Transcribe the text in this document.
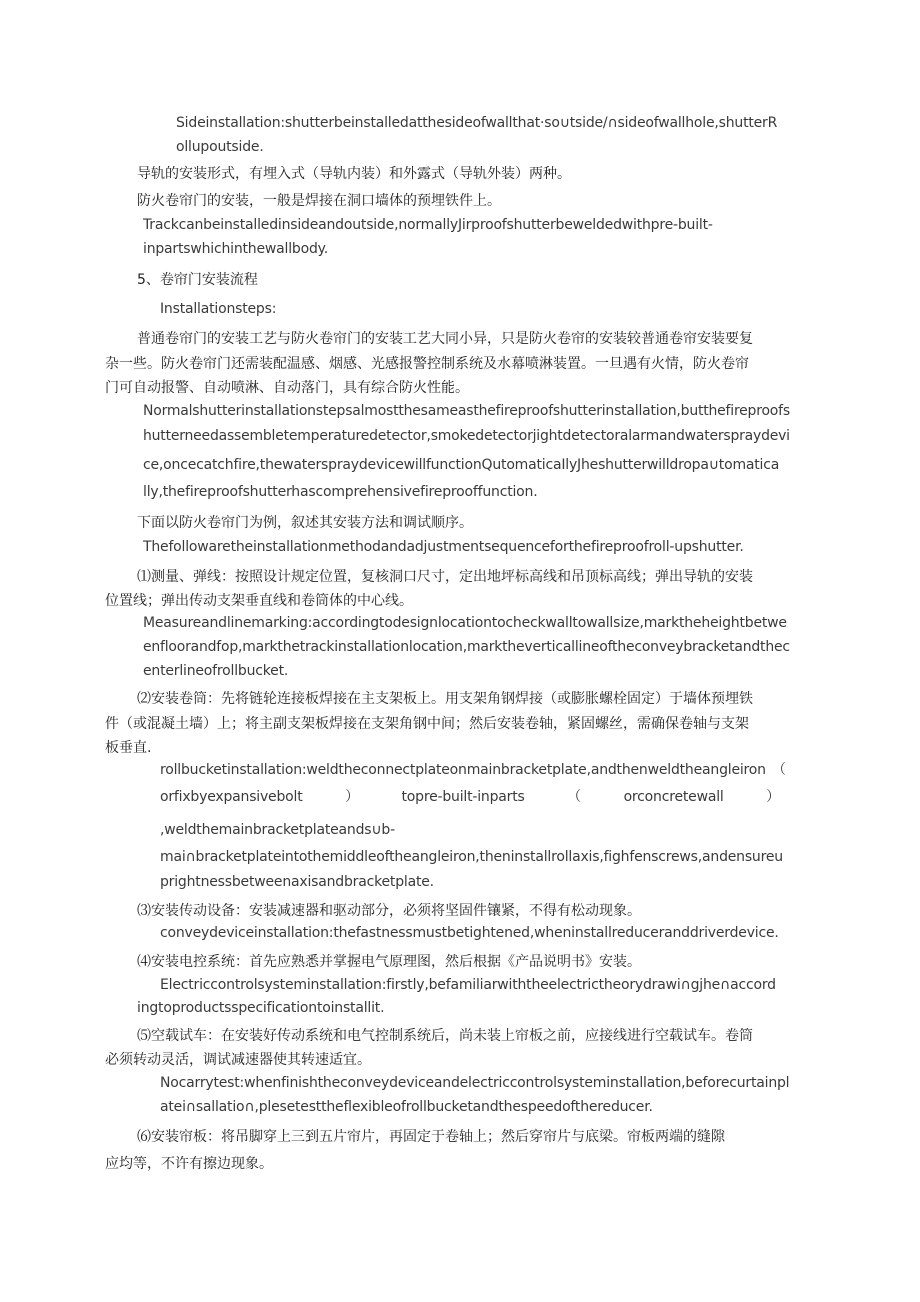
Sideinstallation:shutterbeinstalledatthesideofwallthat·so∪tside/∩sideofwallhole,shutterR
ollupoutside.
导轨的安装形式，有埋入式（导轨内装）和外露式（导轨外装）两种。
防火卷帘门的安装，一般是焊接在洞口墙体的预埋铁件上。
Trackcanbeinstalledinsideandoutside,normallyJirproofshutterbeweldedwithpre-built-
inpartswhichinthewallbody.
5、卷帘门安装流程
Installationsteps:
普通卷帘门的安装工艺与防火卷帘门的安装工艺大同小异，只是防火卷帘的安装较普通卷帘安装要复
杂一些。防火卷帘门还需装配温感、烟感、光感报警控制系统及水幕喷淋装置。一旦遇有火情，防火卷帘
门可自动报警、自动喷淋、自动落门，具有综合防火性能。
Normalshutterinstallationstepsalmostthesameasthefireproofshutterinstallation,butthefireproofs
hutterneedassembletemperaturedetector,smokedetectorjightdetectoralarmandwaterspraydevi
ce,oncecatchfire,thewaterspraydevicewillfunctionQutomaticaIlyJheshutterwilldropa∪tomatica
lly,thefireproofshutterhascomprehensivefireprooffunction.
下面以防火卷帘门为例，叙述其安装方法和调试顺序。
Thefollowaretheinstallationmethodandadjustmentsequenceforthefireproofroll-upshutter.
⑴测量、弹线：按照设计规定位置，复核洞口尺寸，定出地坪标高线和吊顶标高线；弹出导轨的安装
位置线；弹出传动支架垂直线和卷筒体的中心线。
Measureandlinemarking:accordingtodesignlocationtocheckwalltowallsize,marktheheightbetwe
enfloorandfop,markthetrackinstallationlocation,marktheverticallineoftheconveybracketandthec
enterlineofrollbucket.
⑵安装卷筒：先将链轮连接板焊接在主支架板上。用支架角钢焊接（或膨胀螺栓固定）于墙体预埋铁
件（或混凝土墙）上；将主副支架板焊接在支架角钢中间；然后安装卷轴，紧固螺丝，需确保卷轴与支架
板垂直.
rollbucketinstallation:weldtheconnectplateonmainbracketplate,andthenweldtheangleiron （
orfixbyexpansivebolt	）	topre-built-inparts	（	orconcretewall	）
,weldthemainbracketplateands∪b-
mai∩bracketplateintothemiddleoftheangleiron,theninstallrollaxis,fighfenscrews,andensureu
prightnessbetweenaxisandbracketplate.
⑶安装传动设备：安装减速器和驱动部分，必须将坚固件镶紧，不得有松动现象。
conveydeviceinstallation:thefastnessmustbetightened,wheninstallreduceranddriverdevice.
⑷安装电控系统：首先应熟悉并掌握电气原理图，然后根据《产品说明书》安装。
Electriccontrolsysteminstallation:firstly,befamiliarwiththeelectrictheorydrawi∩gjhe∩accord
ingtoproductsspecificationtoinstallit.
⑸空载试车：在安装好传动系统和电气控制系统后，尚未装上帘板之前，应接线进行空载试车。卷筒
必须转动灵活，调试减速器使其转速适宜。
Nocarrytest:whenfinishtheconveydeviceandelectriccontrolsysteminstallation,beforecurtainpl
atei∩sallatio∩,plesetesttheflexibleofrollbucketandthespeedofthereducer.
⑹安装帘板：将吊脚穿上三到五片帘片，再固定于卷轴上；然后穿帘片与底梁。帘板两端的缝隙
应均等，不许有擦边现象。
